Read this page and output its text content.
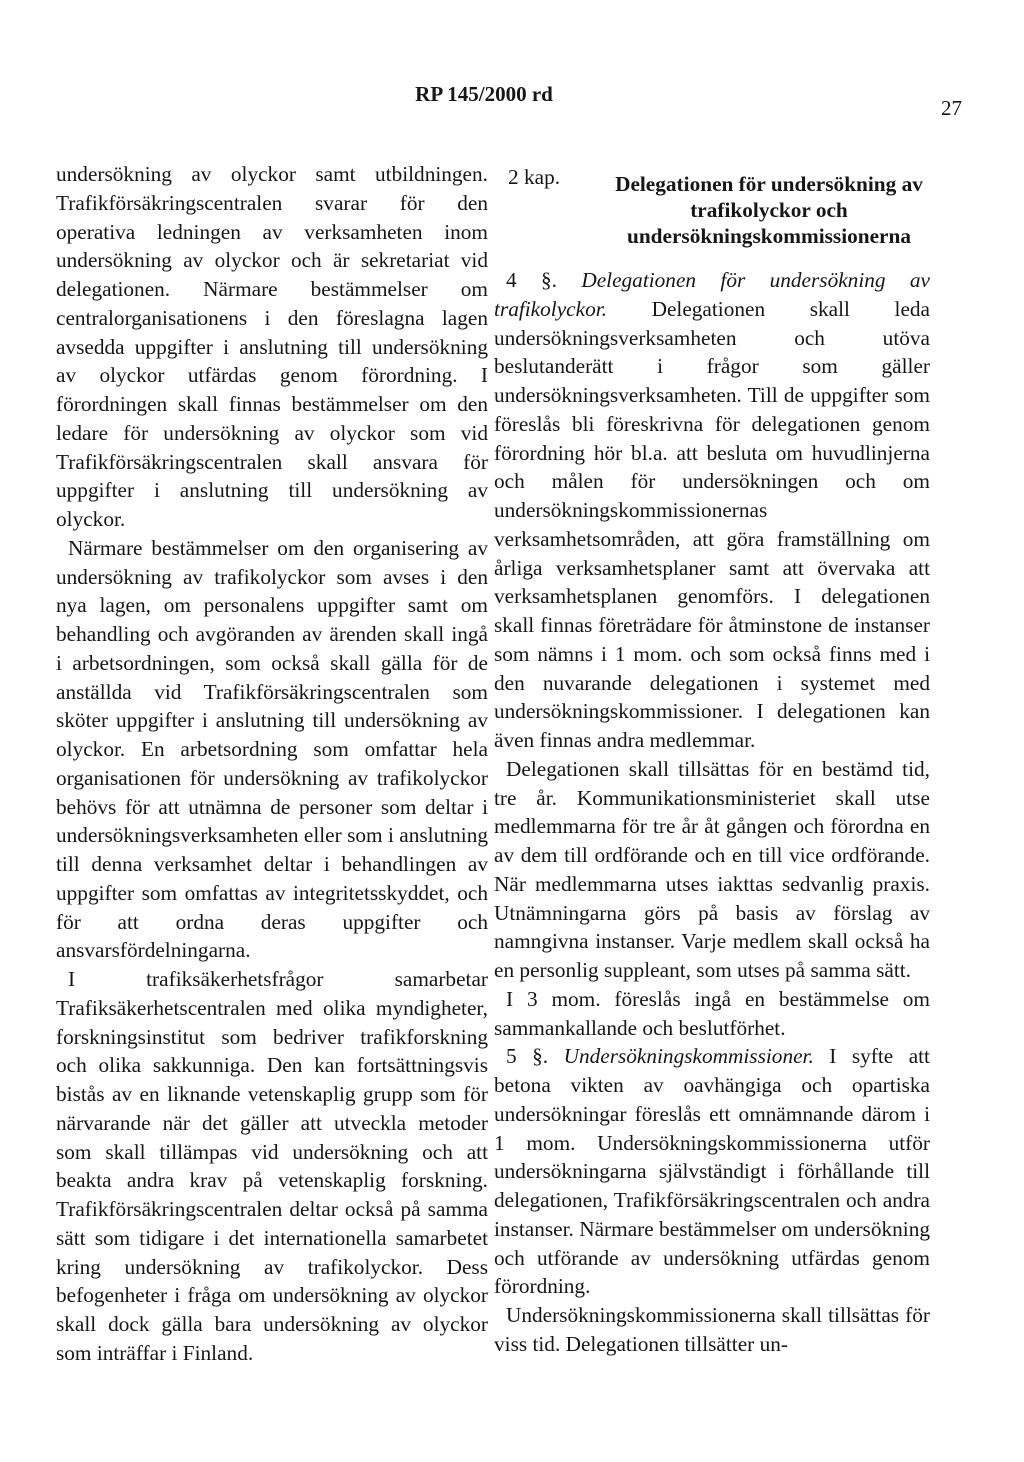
RP 145/2000 rd
27

undersökning av olyckor samt utbildningen. Trafikförsäkringscentralen svarar för den operativa ledningen av verksamheten inom undersökning av olyckor och är sekretariat vid delegationen. Närmare bestämmelser om centralorganisationens i den föreslagna lagen avsedda uppgifter i anslutning till undersökning av olyckor utfärdas genom förordning. I förordningen skall finnas bestämmelser om den ledare för undersökning av olyckor som vid Trafikförsäkringscentralen skall ansvara för uppgifter i anslutning till undersökning av olyckor.

Närmare bestämmelser om den organisering av undersökning av trafikolyckor som avses i den nya lagen, om personalens uppgifter samt om behandling och avgöranden av ärenden skall ingå i arbetsordningen, som också skall gälla för de anställda vid Trafikförsäkringscentralen som sköter uppgifter i anslutning till undersökning av olyckor. En arbetsordning som omfattar hela organisationen för undersökning av trafikolyckor behövs för att utnämna de personer som deltar i undersökningsverksamheten eller som i anslutning till denna verksamhet deltar i behandlingen av uppgifter som omfattas av integritetsskyddet, och för att ordna deras uppgifter och ansvarsfördelningarna.

I trafiksäkerhetsfrågor samarbetar Trafiksäkerhetscentralen med olika myndigheter, forskningsinstitut som bedriver trafikforskning och olika sakkunniga. Den kan fortsättningsvis bistås av en liknande vetenskaplig grupp som för närvarande när det gäller att utveckla metoder som skall tillämpas vid undersökning och att beakta andra krav på vetenskaplig forskning. Trafikförsäkringscentralen deltar också på samma sätt som tidigare i det internationella samarbetet kring undersökning av trafikolyckor. Dess befogenheter i fråga om undersökning av olyckor skall dock gälla bara undersökning av olyckor som inträffar i Finland.

2 kap.	Delegationen för undersökning av trafikolyckor och undersökningskommissionerna

4 §. Delegationen för undersökning av trafikolyckor. Delegationen skall leda undersökningsverksamheten och utöva beslutanderätt i frågor som gäller undersökningsverksamheten. Till de uppgifter som föreslås bli föreskrivna för delegationen genom förordning hör bl.a. att besluta om huvudlinjerna och målen för undersökningen och om undersökningskommissionernas verksamhetsområden, att göra framställning om årliga verksamhetsplaner samt att övervaka att verksamhetsplanen genomförs. I delegationen skall finnas företrädare för åtminstone de instanser som nämns i 1 mom. och som också finns med i den nuvarande delegationen i systemet med undersökningskommissioner. I delegationen kan även finnas andra medlemmar.

Delegationen skall tillsättas för en bestämd tid, tre år. Kommunikationsministeriet skall utse medlemmarna för tre år åt gången och förordna en av dem till ordförande och en till vice ordförande. När medlemmarna utses iakttas sedvanlig praxis. Utnämningarna görs på basis av förslag av namngivna instanser. Varje medlem skall också ha en personlig suppleant, som utses på samma sätt.

I 3 mom. föreslås ingå en bestämmelse om sammankallande och beslutförhet.

5 §. Undersökningskommissioner. I syfte att betona vikten av oavhängiga och opartiska undersökningar föreslås ett omnämnande därom i 1 mom. Undersökningskommissionerna utför undersökningarna självständigt i förhållande till delegationen, Trafikförsäkringscentralen och andra instanser. Närmare bestämmelser om undersökning och utförande av undersökning utfärdas genom förordning.

Undersökningskommissionerna skall tillsättas för viss tid. Delegationen tillsätter un-
